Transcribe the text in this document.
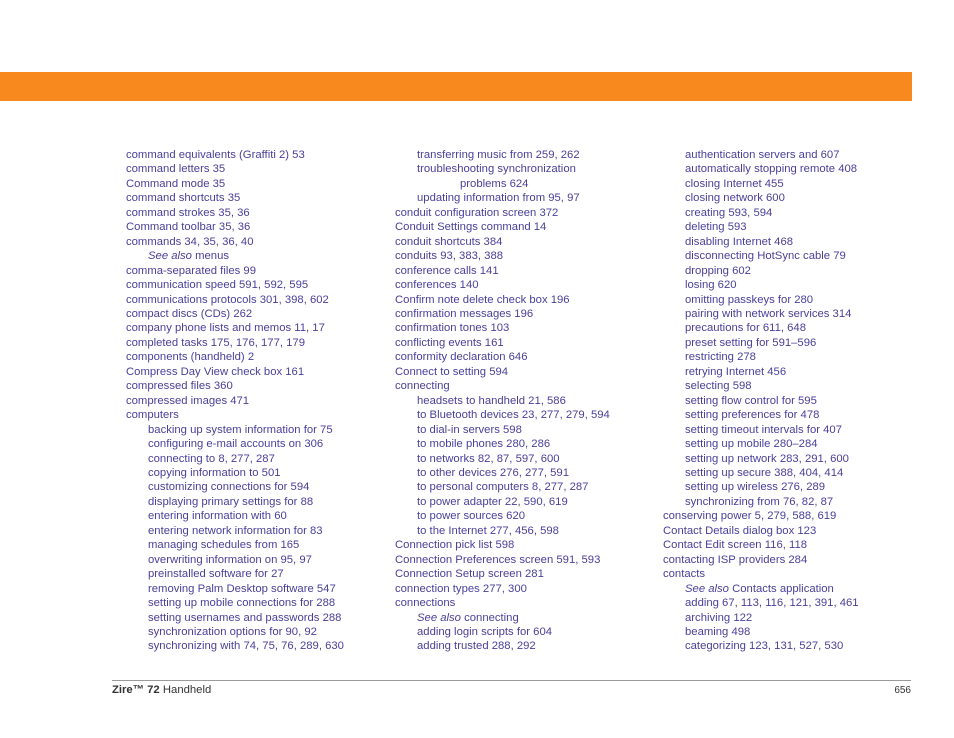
command equivalents (Graffiti 2) 53
command letters 35
Command mode 35
command shortcuts 35
command strokes 35, 36
Command toolbar 35, 36
commands 34, 35, 36, 40
See also menus
comma-separated files 99
communication speed 591, 592, 595
communications protocols 301, 398, 602
compact discs (CDs) 262
company phone lists and memos 11, 17
completed tasks 175, 176, 177, 179
components (handheld) 2
Compress Day View check box 161
compressed files 360
compressed images 471
computers
backing up system information for 75
configuring e-mail accounts on 306
connecting to 8, 277, 287
copying information to 501
customizing connections for 594
displaying primary settings for 88
entering information with 60
entering network information for 83
managing schedules from 165
overwriting information on 95, 97
preinstalled software for 27
removing Palm Desktop software 547
setting up mobile connections for 288
setting usernames and passwords 288
synchronization options for 90, 92
synchronizing with 74, 75, 76, 289, 630
transferring music from 259, 262
troubleshooting synchronization
problems 624
updating information from 95, 97
conduit configuration screen 372
Conduit Settings command 14
conduit shortcuts 384
conduits 93, 383, 388
conference calls 141
conferences 140
Confirm note delete check box 196
confirmation messages 196
confirmation tones 103
conflicting events 161
conformity declaration 646
Connect to setting 594
connecting
headsets to handheld 21, 586
to Bluetooth devices 23, 277, 279, 594
to dial-in servers 598
to mobile phones 280, 286
to networks 82, 87, 597, 600
to other devices 276, 277, 591
to personal computers 8, 277, 287
to power adapter 22, 590, 619
to power sources 620
to the Internet 277, 456, 598
Connection pick list 598
Connection Preferences screen 591, 593
Connection Setup screen 281
connection types 277, 300
connections
See also connecting
adding login scripts for 604
adding trusted 288, 292
authentication servers and 607
automatically stopping remote 408
closing Internet 455
closing network 600
creating 593, 594
deleting 593
disabling Internet 468
disconnecting HotSync cable 79
dropping 602
losing 620
omitting passkeys for 280
pairing with network services 314
precautions for 611, 648
preset setting for 591–596
restricting 278
retrying Internet 456
selecting 598
setting flow control for 595
setting preferences for 478
setting timeout intervals for 407
setting up mobile 280–284
setting up network 283, 291, 600
setting up secure 388, 404, 414
setting up wireless 276, 289
synchronizing from 76, 82, 87
conserving power 5, 279, 588, 619
Contact Details dialog box 123
Contact Edit screen 116, 118
contacting ISP providers 284
contacts
See also Contacts application
adding 67, 113, 116, 121, 391, 461
archiving 122
beaming 498
categorizing 123, 131, 527, 530
Zire™ 72 Handheld	656
